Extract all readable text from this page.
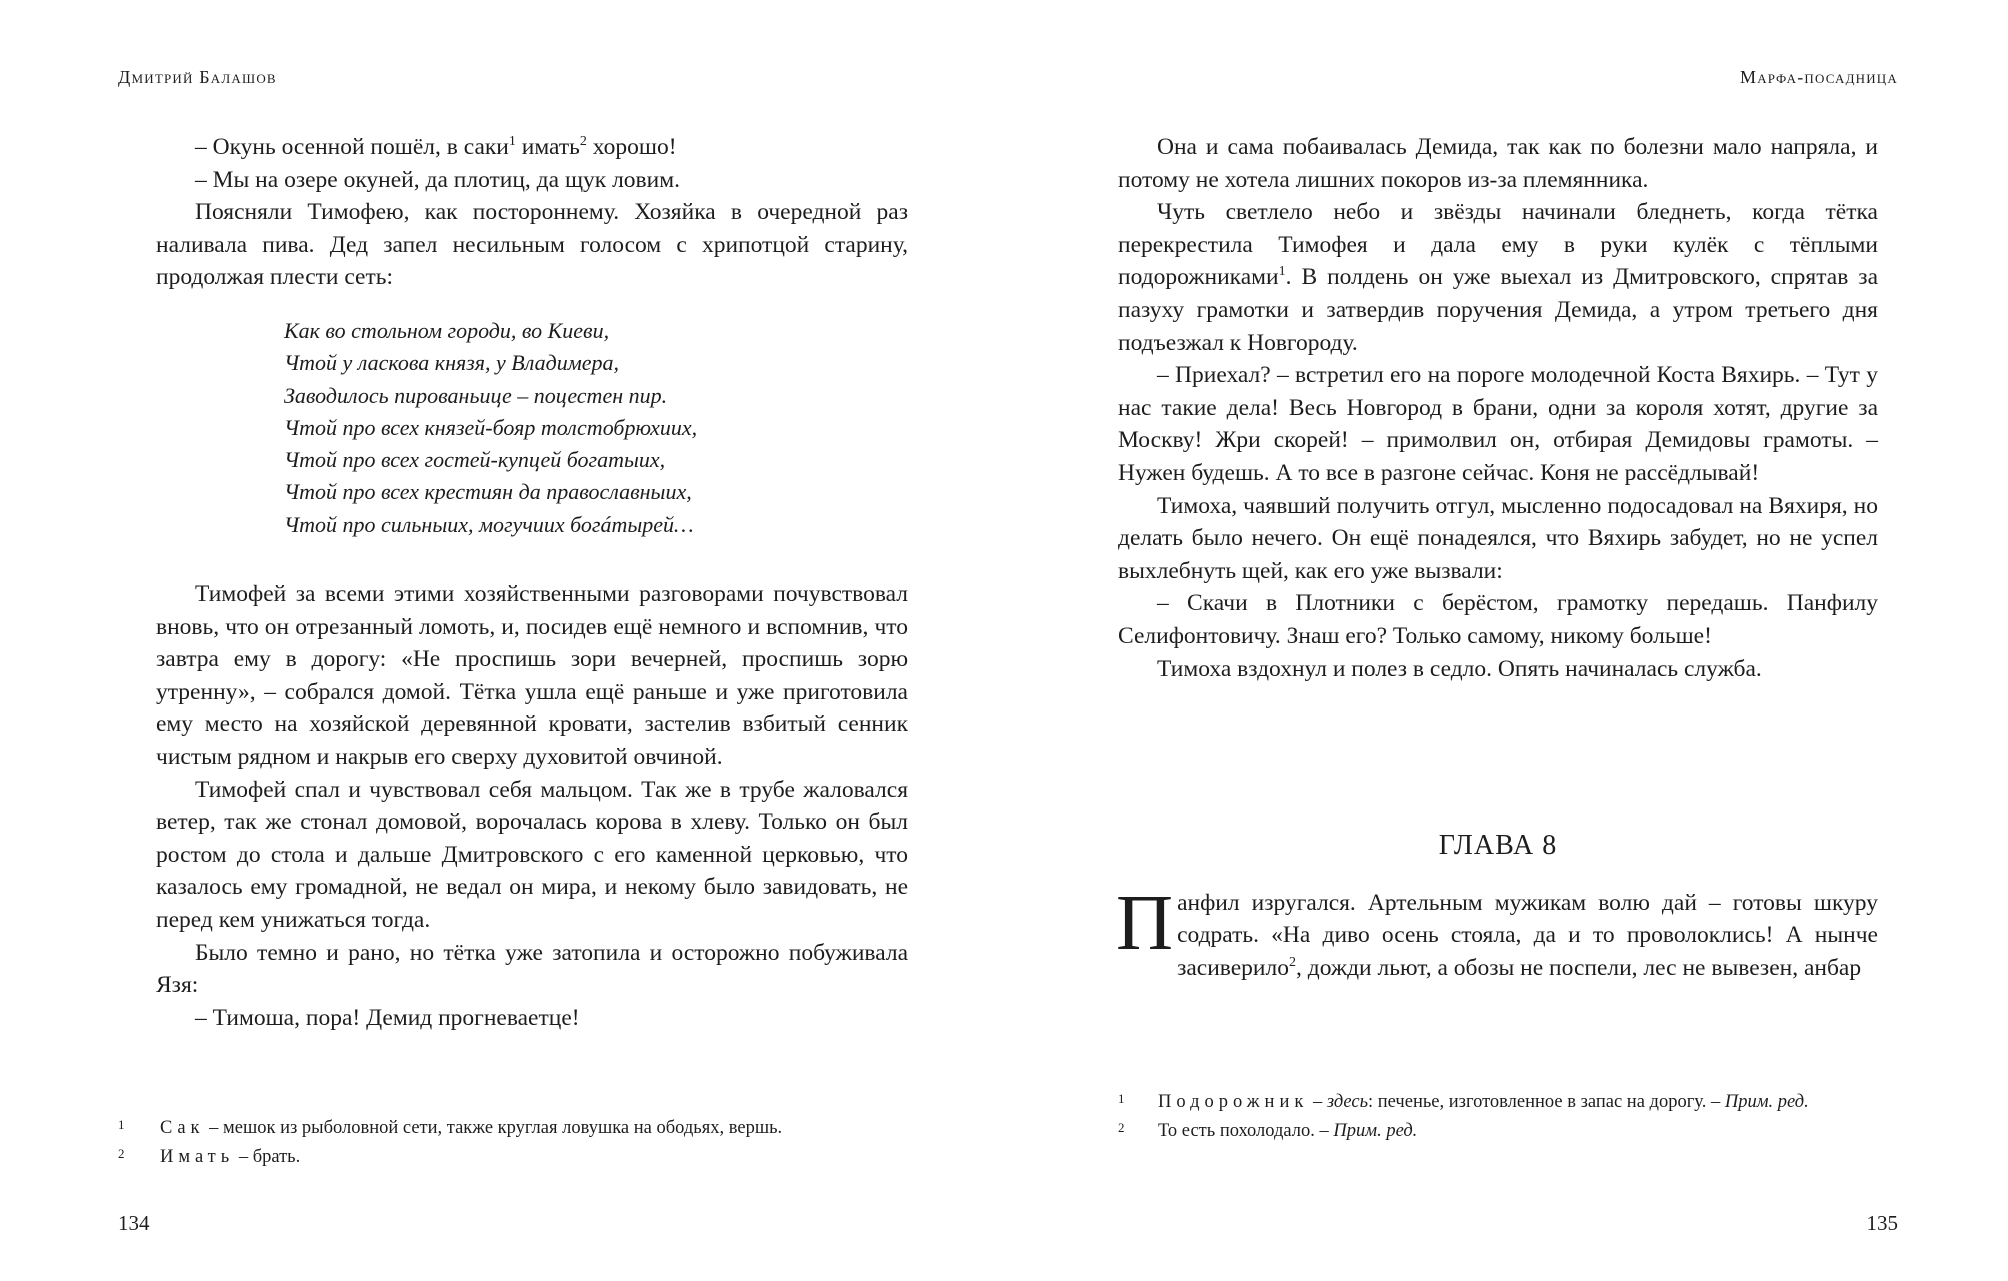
Дмитрий Балашов

– Окунь осенной пошёл, в саки$^1$ имать$^2$ хорошо!

– Мы на озере окуней, да плотиц, да щук ловим.

Поясняли Тимофею, как постороннему. Хозяйка в очередной раз наливала пива. Дед запел несильным голосом с хрипотцой старину, продолжая плести сеть:

Как во стольном городи, во Киеви,
Чтой у ласкова князя, у Владимера,
Заводилось пированьице – поцестен пир.
Чтой про всех князей-бояр толстобрюхиих,
Чтой про всех гостей-купцей богатыих,
Чтой про всех крестиян да православныих,
Чтой про сильныих, могучиих богáтырей…

Тимофей за всеми этими хозяйственными разговорами почувствовал вновь, что он отрезанный ломоть, и, посидев ещё немного и вспомнив, что завтра ему в дорогу: «Не проспишь зори вечерней, проспишь зорю утренну», – собрался домой. Тётка ушла ещё раньше и уже приготовила ему место на хозяйской деревянной кровати, застелив взбитый сенник чистым рядном и накрыв его сверху духовитой овчиной.

Тимофей спал и чувствовал себя мальцом. Так же в трубе жаловался ветер, так же стонал домовой, ворочалась корова в хлеву. Только он был ростом до стола и дальше Дмитровского с его каменной церковью, что казалось ему громадной, не ведал он мира, и некому было завидовать, не перед кем унижаться тогда.

Было темно и рано, но тётка уже затопила и осторожно побуживала Язя:

– Тимоша, пора! Демид прогневаетце!

1 Сак – мешок из рыболовной сети, также круглая ловушка на ободьях, вершь.
2 Имать – брать.
134
Марфа-посадница

Она и сама побаивалась Демида, так как по болезни мало напряла, и потому не хотела лишних покоров из-за племянника.

Чуть светлело небо и звёзды начинали бледнеть, когда тётка перекрестила Тимофея и дала ему в руки кулёк с тёплыми подорожниками$^1$. В полдень он уже выехал из Дмитровского, спрятав за пазуху грамотки и затвердив поручения Демида, а утром третьего дня подъезжал к Новгороду.

– Приехал? – встретил его на пороге молодечной Коста Вяхирь. – Тут у нас такие дела! Весь Новгород в брани, одни за короля хотят, другие за Москву! Жри скорей! – примолвил он, отбирая Демидовы грамоты. – Нужен будешь. А то все в разгоне сейчас. Коня не рассёдлывай!

Тимоха, чаявший получить отгул, мысленно подосадовал на Вяхиря, но делать было нечего. Он ещё понадеялся, что Вяхирь забудет, но не успел выхлебнуть щей, как его уже вызвали:

– Скачи в Плотники с берёстом, грамотку передашь. Панфилу Селифонтовичу. Знаш его? Только самому, никому больше!

Тимоха вздохнул и полез в седло. Опять начиналась служба.

ГЛАВА 8

Панфил изругался. Артельным мужикам волю дай – готовы шкуру содрать. «На диво осень стояла, да и то проволоклись! А нынче засиверило$^2$, дожди льют, а обозы не поспели, лес не вывезен, анбар

1 Подорожник – здесь: печенье, изготовленное в запас на дорогу. – Прим. ред.
2 То есть похолодало. – Прим. ред.
135
